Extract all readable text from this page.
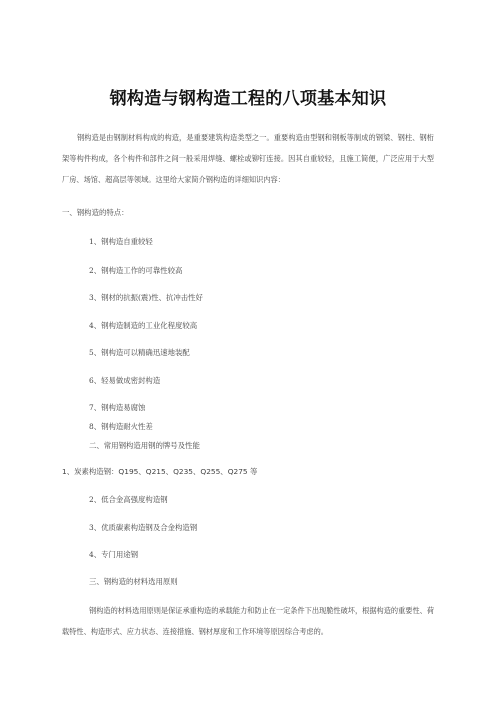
钢构造与钢构造工程的八项基本知识
钢构造是由钢制材料构成的构造，是重要建筑构造类型之一。重要构造由型钢和钢板等制成的钢梁、钢柱、钢桁架等构件构成，各个构件和部件之间一般采用焊缝、螺栓或铆钉连接。因其自重较轻，且施工简便，广泛应用于大型厂房、场馆、超高层等领域。这里给大家简介钢构造的详细知识内容：
一、钢构造的特点：
1、钢构造自重较轻
2、钢构造工作的可靠性较高
3、钢材的抗振(震)性、抗冲击性好
4、钢构造制造的工业化程度较高
5、钢构造可以精确迅速地装配
6、轻易做成密封构造
7、钢构造易腐蚀
8、钢构造耐火性差
二、常用钢构造用钢的牌号及性能
1、炭素构造钢：Q195、Q215、Q235、Q255、Q275 等
2、低合金高强度构造钢
3、优质碳素构造钢及合金构造钢
4、专门用途钢
三、钢构造的材料选用原则
钢构造的材料选用原则是保证承重构造的承载能力和防止在一定条件下出现脆性破坏，根据构造的重要性、荷载特性、构造形式、应力状态、连接措施、钢材厚度和工作环境等原因综合考虑的。
